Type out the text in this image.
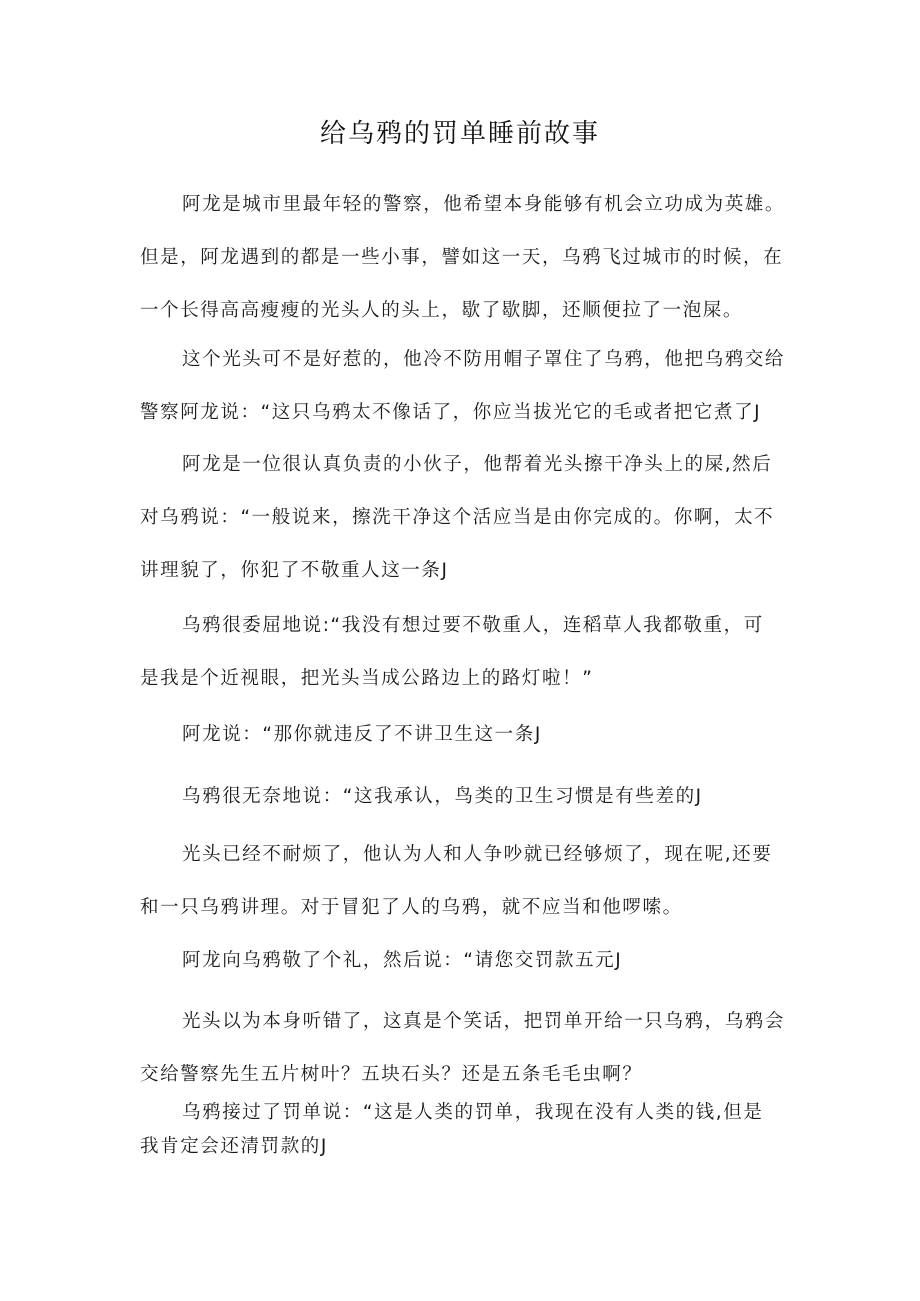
给乌鸦的罚单睡前故事
阿龙是城市里最年轻的警察，他希望本身能够有机会立功成为英雄。
但是，阿龙遇到的都是一些小事，譬如这一天，乌鸦飞过城市的时候，在
一个长得高高瘦瘦的光头人的头上，歇了歇脚，还顺便拉了一泡屎。
这个光头可不是好惹的，他冷不防用帽子罩住了乌鸦，他把乌鸦交给
警察阿龙说：“这只乌鸦太不像话了，你应当拔光它的毛或者把它煮了J
阿龙是一位很认真负责的小伙子，他帮着光头擦干净头上的屎,然后
对乌鸦说：“一般说来，擦洗干净这个活应当是由你完成的。你啊，太不
讲理貌了，你犯了不敬重人这一条J
乌鸦很委屈地说:“我没有想过要不敬重人，连稻草人我都敬重，可
是我是个近视眼，把光头当成公路边上的路灯啦！”
阿龙说：“那你就违反了不讲卫生这一条J
乌鸦很无奈地说：“这我承认，鸟类的卫生习惯是有些差的J
光头已经不耐烦了，他认为人和人争吵就已经够烦了，现在呢,还要
和一只乌鸦讲理。对于冒犯了人的乌鸦，就不应当和他啰嗦。
阿龙向乌鸦敬了个礼，然后说：“请您交罚款五元J
光头以为本身听错了，这真是个笑话，把罚单开给一只乌鸦，乌鸦会
交给警察先生五片树叶？五块石头？还是五条毛毛虫啊？
乌鸦接过了罚单说：“这是人类的罚单，我现在没有人类的钱,但是
我肯定会还清罚款的J
